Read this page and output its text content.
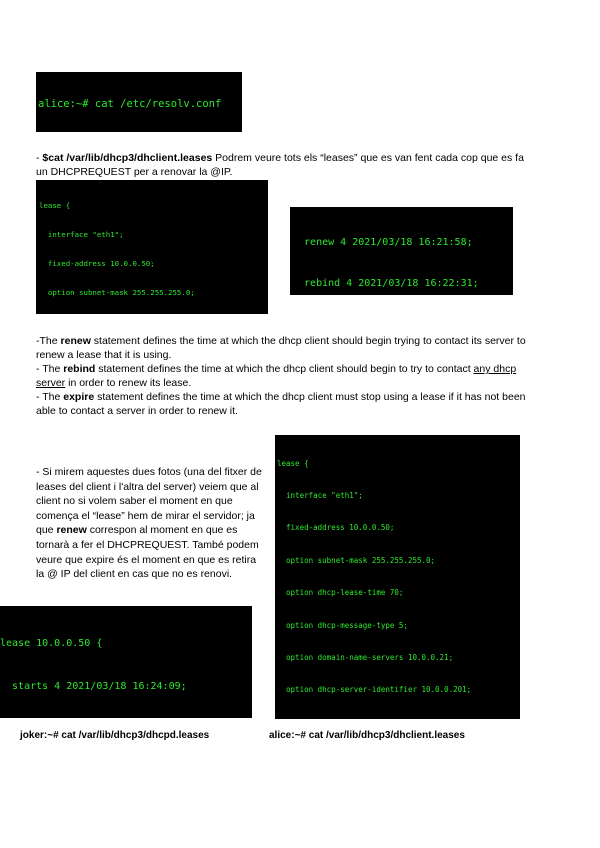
alice:~# cat /etc/resolv.conf

- $cat /var/lib/dhcp3/dhclient.leases Podrem veure tots els “leases” que es van fent cada cop que es fa un DHCPREQUEST per a renovar la @IP.

lease {

interface "eth1";

fixed-address 10.0.0.50;

option subnet-mask 255.255.255.0;

renew 4 2021/03/18 16:21:58;

rebind 4 2021/03/18 16:22:31;

-The renew statement defines the time at which the dhcp client should begin trying to contact its server to renew a lease that it is using.
- The rebind statement defines the time at which the dhcp client should begin to try to contact any dhcp server in order to renew its lease.
- The expire statement defines the time at which the dhcp client must stop using a lease if it has not been able to contact a server in order to renew it.
- Si mirem aquestes dues fotos (una del fitxer de leases del client i l'altra del server) veiem que al client no si volem saber el moment en que comença el “lease” hem de mirar el servidor; ja que renew correspon al moment en que es tornarà a fer el DHCPREQUEST. També podem veure que expire és el moment en que es retira la @ IP del client en cas que no es renovi.

lease {

interface "eth1";

fixed-address 10.0.0.50;

option subnet-mask 255.255.255.0;

option dhcp-lease-time 70;

option dhcp-message-type 5;

option domain-name-servers 10.0.0.21;

option dhcp-server-identifier 10.0.0.201;

lease 10.0.0.50 {

starts 4 2021/03/18 16:24:09;

joker:~# cat /var/lib/dhcp3/dhcpd.leases	alice:~# cat /var/lib/dhcp3/dhclient.leases
